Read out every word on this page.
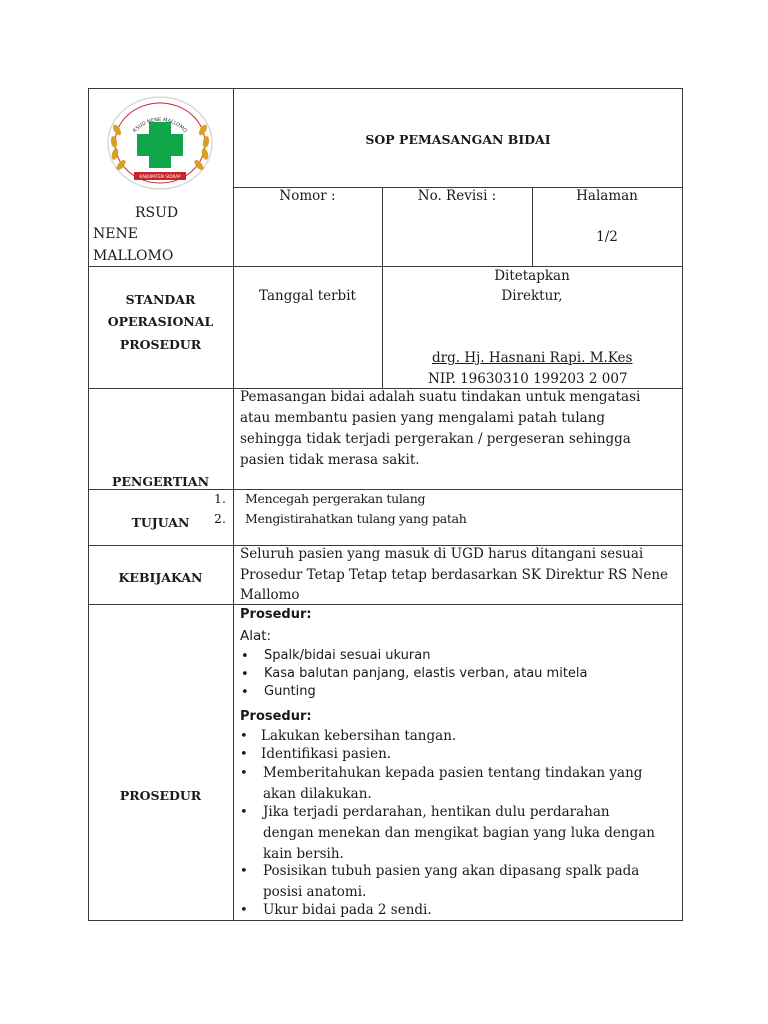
RSUD NENE MALLOMO
KABUPATEN SIDRAP
RSUD
NENE
MALLOMO
SOP PEMASANGAN BIDAI
Nomor :	No. Revisi :	Halaman
1/2
STANDAR
OPERASIONAL
PROSEDUR
Tanggal terbit
Ditetapkan
Direktur,
drg. Hj. Hasnani Rapi. M.Kes
NIP. 19630310 199203 2 007
PENGERTIAN
Pemasangan bidai adalah suatu tindakan untuk mengatasi
atau membantu pasien yang mengalami patah tulang
sehingga tidak terjadi pergerakan / pergeseran sehingga
pasien tidak merasa sakit.
TUJUAN
1. Mencegah pergerakan tulang
2. Mengistirahatkan tulang yang patah
KEBIJAKAN
Seluruh pasien yang masuk di UGD harus ditangani sesuai
Prosedur Tetap Tetap tetap berdasarkan SK Direktur RS Nene
Mallomo
PROSEDUR
Prosedur:
Alat:
• Spalk/bidai sesuai ukuran
• Kasa balutan panjang, elastis verban, atau mitela
• Gunting
Prosedur:
• Lakukan kebersihan tangan.
• Identifikasi pasien.
• Memberitahukan kepada pasien tentang tindakan yang
akan dilakukan.
• Jika terjadi perdarahan, hentikan dulu perdarahan
dengan menekan dan mengikat bagian yang luka dengan
kain bersih.
• Posisikan tubuh pasien yang akan dipasang spalk pada
posisi anatomi.
• Ukur bidai pada 2 sendi.
